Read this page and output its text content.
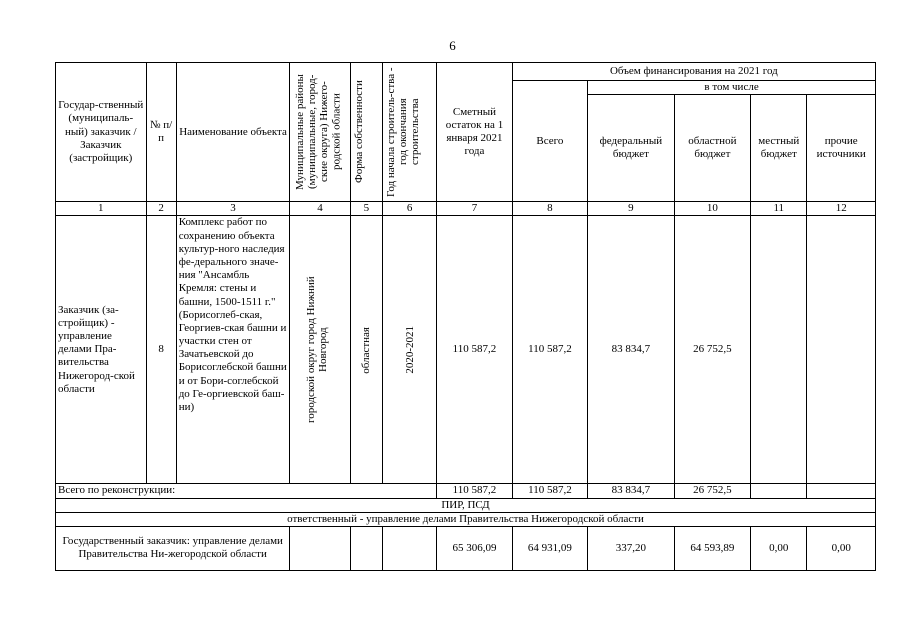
6
Государ-ственный (муниципаль-ный) заказчик / Заказчик (застройщик)	№ п/п	Наименование объекта	Муниципальные районы (муниципальные, город-ские округа) Нижего-родской области	Форма собственности	Год начала строитель-ства - год окончания строительства	Сметный остаток на 1 января 2021 года	Объем финансирования на 2021 год				
							Всего	в том числе			
								федеральный бюджет	областной бюджет	местный бюджет	прочие источники
1	2	3	4	5	6	7	8	9	10	11	12
Заказчик (за-стройщик) - управление делами Пра-вительства Нижегород-ской области	8	Комплекс работ по сохранению объекта культур-ного наследия фе-дерального значе-ния "Ансамбль Кремля: стены и башни, 1500-1511 г." (Борисоглеб-ская, Георгиев-ская башни и участки стен от Зачатьевской до Борисоглебской башни и от Бори-соглебской до Ге-оргиевской баш-ни)	городской округ город Нижний Новгород	областная	2020-2021	110 587,2	110 587,2	83 834,7	26 752,5		
Всего по реконструкции:						110 587,2	110 587,2	83 834,7	26 752,5		
ПИР, ПСД											
ответственный - управление делами Правительства Нижегородской области											
Государственный заказчик: управление делами Правительства Ни-жегородской области						65 306,09	64 931,09	337,20	64 593,89	0,00	0,00
